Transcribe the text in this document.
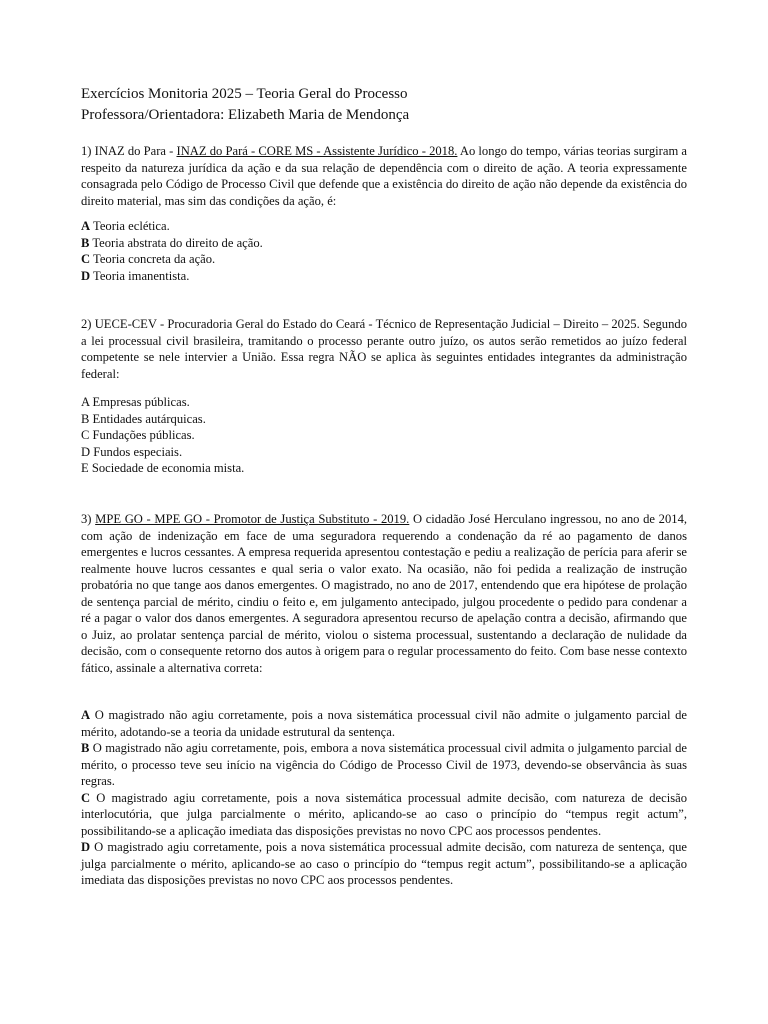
Exercícios Monitoria 2025 – Teoria Geral do Processo
Professora/Orientadora: Elizabeth Maria de Mendonça

1) INAZ do Para - INAZ do Pará - CORE MS - Assistente Jurídico - 2018. Ao longo do tempo, várias teorias surgiram a respeito da natureza jurídica da ação e da sua relação de dependência com o direito de ação. A teoria expressamente consagrada pelo Código de Processo Civil que defende que a existência do direito de ação não depende da existência do direito material, mas sim das condições da ação, é:

A Teoria eclética.
B Teoria abstrata do direito de ação.
C Teoria concreta da ação.
D Teoria imanentista.

2) UECE-CEV - Procuradoria Geral do Estado do Ceará - Técnico de Representação Judicial – Direito – 2025. Segundo a lei processual civil brasileira, tramitando o processo perante outro juízo, os autos serão remetidos ao juízo federal competente se nele intervier a União. Essa regra NÃO se aplica às seguintes entidades integrantes da administração federal:

A Empresas públicas.
B Entidades autárquicas.
C Fundações públicas.
D Fundos especiais.
E Sociedade de economia mista.

3) MPE GO - MPE GO - Promotor de Justiça Substituto - 2019. O cidadão José Herculano ingressou, no ano de 2014, com ação de indenização em face de uma seguradora requerendo a condenação da ré ao pagamento de danos emergentes e lucros cessantes. A empresa requerida apresentou contestação e pediu a realização de perícia para aferir se realmente houve lucros cessantes e qual seria o valor exato. Na ocasião, não foi pedida a realização de instrução probatória no que tange aos danos emergentes. O magistrado, no ano de 2017, entendendo que era hipótese de prolação de sentença parcial de mérito, cindiu o feito e, em julgamento antecipado, julgou procedente o pedido para condenar a ré a pagar o valor dos danos emergentes. A seguradora apresentou recurso de apelação contra a decisão, afirmando que o Juiz, ao prolatar sentença parcial de mérito, violou o sistema processual, sustentando a declaração de nulidade da decisão, com o consequente retorno dos autos à origem para o regular processamento do feito. Com base nesse contexto fático, assinale a alternativa correta:

A O magistrado não agiu corretamente, pois a nova sistemática processual civil não admite o julgamento parcial de mérito, adotando-se a teoria da unidade estrutural da sentença.
B O magistrado não agiu corretamente, pois, embora a nova sistemática processual civil admita o julgamento parcial de mérito, o processo teve seu início na vigência do Código de Processo Civil de 1973, devendo-se observância às suas regras.
C O magistrado agiu corretamente, pois a nova sistemática processual admite decisão, com natureza de decisão interlocutória, que julga parcialmente o mérito, aplicando-se ao caso o princípio do “tempus regit actum”, possibilitando-se a aplicação imediata das disposições previstas no novo CPC aos processos pendentes.
D O magistrado agiu corretamente, pois a nova sistemática processual admite decisão, com natureza de sentença, que julga parcialmente o mérito, aplicando-se ao caso o princípio do “tempus regit actum”, possibilitando-se a aplicação imediata das disposições previstas no novo CPC aos processos pendentes.
